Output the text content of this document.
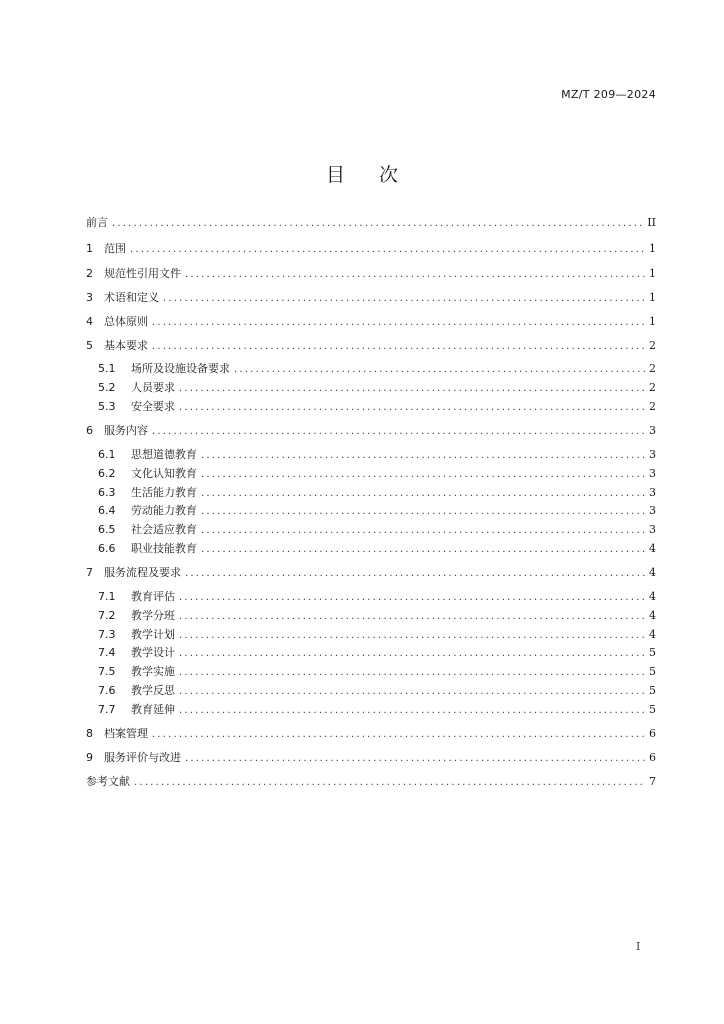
MZ/T 209—2024
目 次
前言 .....	II
1	范围 .....	1
2	规范性引用文件 .....	1
3	术语和定义 .....	1
4	总体原则 .....	1
5	基本要求 .....	2
5.1	场所及设施设备要求 .....	2
5.2	人员要求 .....	2
5.3	安全要求 .....	2
6	服务内容 .....	3
6.1	思想道德教育 .....	3
6.2	文化认知教育 .....	3
6.3	生活能力教育 .....	3
6.4	劳动能力教育 .....	3
6.5	社会适应教育 .....	3
6.6	职业技能教育 .....	4
7	服务流程及要求 .....	4
7.1	教育评估 .....	4
7.2	教学分班 .....	4
7.3	教学计划 .....	4
7.4	教学设计 .....	5
7.5	教学实施 .....	5
7.6	教学反思 .....	5
7.7	教育延伸 .....	5
8	档案管理 .....	6
9	服务评价与改进 .....	6
参考文献 .....	7
I
